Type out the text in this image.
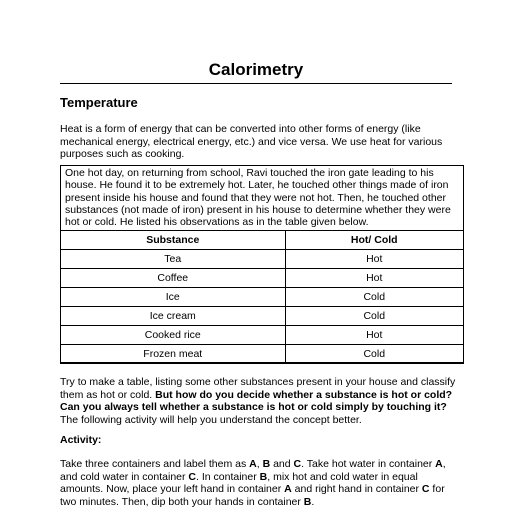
Calorimetry
Temperature
Heat is a form of energy that can be converted into other forms of energy (like mechanical energy, electrical energy, etc.) and vice versa. We use heat for various purposes such as cooking.
One hot day, on returning from school, Ravi touched the iron gate leading to his house. He found it to be extremely hot. Later, he touched other things made of iron present inside his house and found that they were not hot. Then, he touched other substances (not made of iron) present in his house to determine whether they were hot or cold. He listed his observations as in the table given below.
Substance	Hot/ Cold
Tea	Hot
Coffee	Hot
Ice	Cold
Ice cream	Cold
Cooked rice	Hot
Frozen meat	Cold
Try to make a table, listing some other substances present in your house and classify them as hot or cold. But how do you decide whether a substance is hot or cold? Can you always tell whether a substance is hot or cold simply by touching it? The following activity will help you understand the concept better.
Activity:
Take three containers and label them as A, B and C. Take hot water in container A, and cold water in container C. In container B, mix hot and cold water in equal amounts. Now, place your left hand in container A and right hand in container C for two minutes. Then, dip both your hands in container B.
